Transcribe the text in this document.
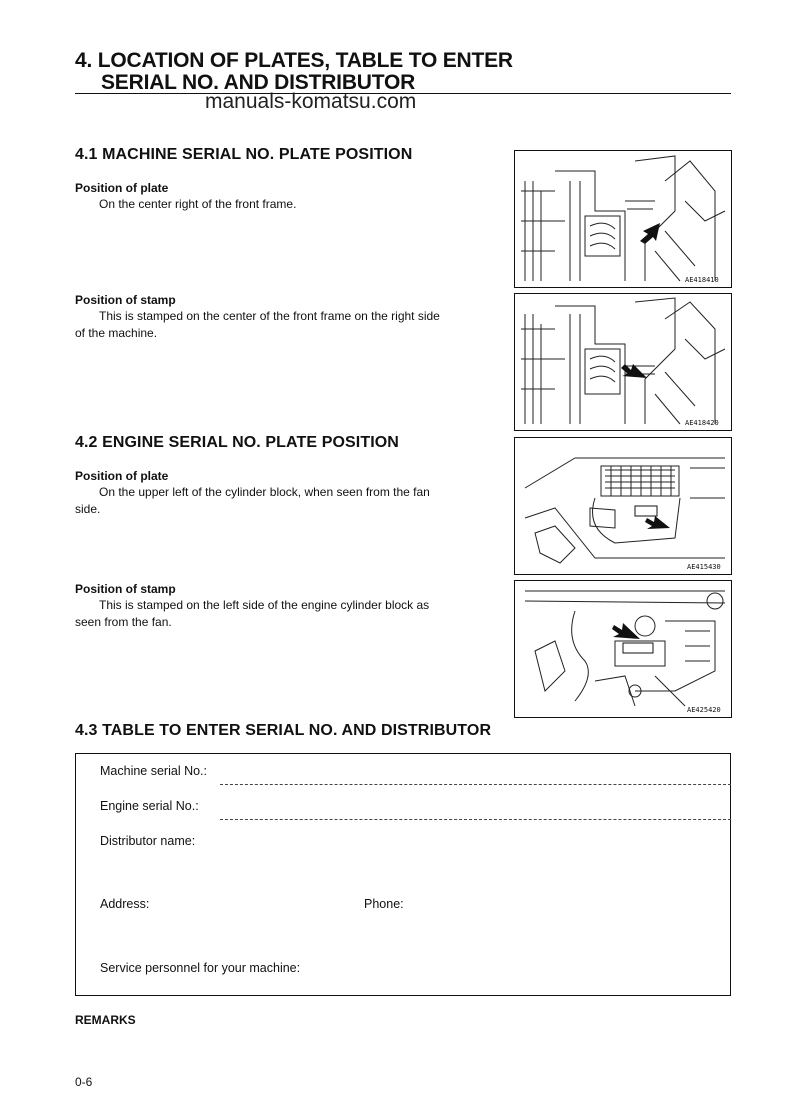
4. LOCATION OF PLATES, TABLE TO ENTER
SERIAL NO. AND DISTRIBUTOR
manuals-komatsu.com
4.1 MACHINE SERIAL NO. PLATE POSITION
Position of plate
On the center right of the front frame.
AE418410
Position of stamp
This is stamped on the center of the front frame on the right side
of the machine.
AE418420
4.2 ENGINE SERIAL NO. PLATE POSITION
Position of plate
On the upper left of the cylinder block, when seen from the fan
side.
AE415430
Position of stamp
This is stamped on the left side of the engine cylinder block as
seen from the fan.
AE425420
4.3 TABLE TO ENTER SERIAL NO. AND DISTRIBUTOR
Machine serial No.:
Engine serial No.:
Distributor name:
Address:	Phone:
Service personnel for your machine:
REMARKS
0-6
